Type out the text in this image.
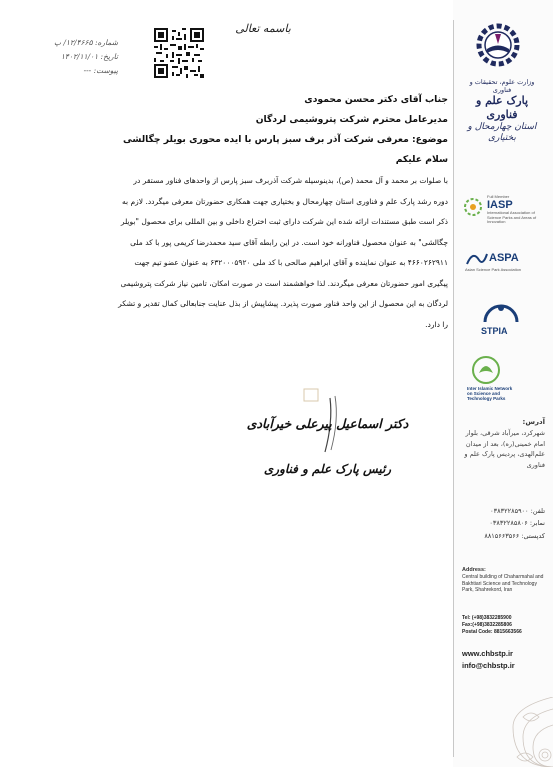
وزارت علوم، تحقیقات و فناوری
پارک علم و فناوری
استان چهارمحال و بختیاری
Full Member
IASP
International Association of Science Parks and Areas of Innovation
ASPA
Asian Science Park Association
STPIA
Inter Islamic Network on Science and Technology Parks
آدرس:
شهرکرد، میرآباد شرقی، بلوار امام خمینی(ره)، بعد از میدان علم‌الهدی، پردیس پارک علم و فناوری
تلفن: ۰۳۸۳۲۲۸۵۹۰۰
نمابر: ۰۳۸۳۲۲۸۵۸۰۶
کدپستی: ۸۸۱۵۶۶۳۵۶۶
Address:
Central building of Chaharmahal and Bakhtiari Science and Technology Park, Shahrekord, Iran
Tel: (+98)3832285900
Fax:(+98)3832285806
Postal Code: 8815663566
www.chbstp.ir
info@chbstp.ir
باسمه تعالی
شماره: ۱۲/۴۶۶۵/ پ
تاریخ: ۱۴۰۲/۱۱/۰۱
پیوست: ---
جناب آقای دکتر محسن محمودی
مدیرعامل محترم شرکت پتروشیمی لردگان
موضوع: معرفی شرکت آذر برف سبز پارس با ایده محوری بویلر چگالشی
سلام علیکم
با صلوات بر محمد و آل محمد (ص)، بدینوسیله شرکت آذربرف سبز پارس از واحدهای فناور مستقر در
دوره رشد پارک علم و فناوری استان چهارمحال و بختیاری جهت همکاری حضورتان معرفی میگردد. لازم به
ذکر است طبق مستندات ارائه شده این شرکت دارای ثبت اختراع داخلی و بین المللی برای محصول "بویلر
چگالشی" به عنوان محصول فناورانه خود است. در این رابطه آقای سید محمدرضا کریمی پور با کد ملی
۴۶۶۰۲۶۲۹۱۱ به عنوان نماینده و آقای ابراهیم صالحی با کد ملی ۶۳۲۰۰۰۵۹۲۰ به عنوان عضو تیم جهت
پیگیری امور حضورتان معرفی میگردند. لذا خواهشمند است در صورت امکان، تامین نیاز شرکت پتروشیمی
لردگان به این محصول از این واحد فناور صورت پذیرد. پیشاپیش از بذل عنایت جنابعالی کمال تقدیر و تشکر
را دارد.
دکتر اسماعیل پیرعلی خیرآبادی
رئیس پارک علم و فناوری
